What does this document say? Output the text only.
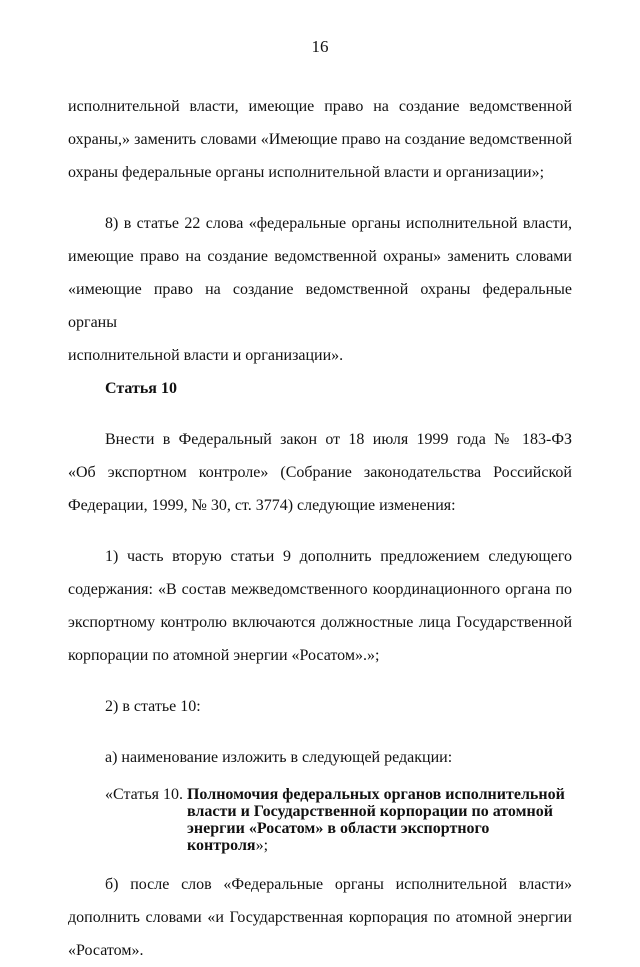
16

исполнительной власти, имеющие право на создание ведомственной
охраны,» заменить словами «Имеющие право на создание ведомственной
охраны федеральные органы исполнительной власти и организации»;

8) в статье 22 слова «федеральные органы исполнительной власти,
имеющие право на создание ведомственной охраны» заменить словами
«имеющие право на создание ведомственной охраны федеральные органы
исполнительной власти и организации».

Статья 10

Внести в Федеральный закон от 18 июля 1999 года № 183-ФЗ
«Об экспортном контроле» (Собрание законодательства Российской
Федерации, 1999, № 30, ст. 3774) следующие изменения:

1) часть вторую статьи 9 дополнить предложением следующего
содержания: «В состав межведомственного координационного органа по
экспортному контролю включаются должностные лица Государственной
корпорации по атомной энергии «Росатом».»;

2) в статье 10:

а) наименование изложить в следующей редакции:

«Статья 10. Полномочия федеральных органов исполнительной
власти и Государственной корпорации по атомной
энергии «Росатом» в области экспортного контроля»;

б) после слов «Федеральные органы исполнительной власти»
дополнить словами «и Государственная корпорация по атомной энергии
«Росатом».
